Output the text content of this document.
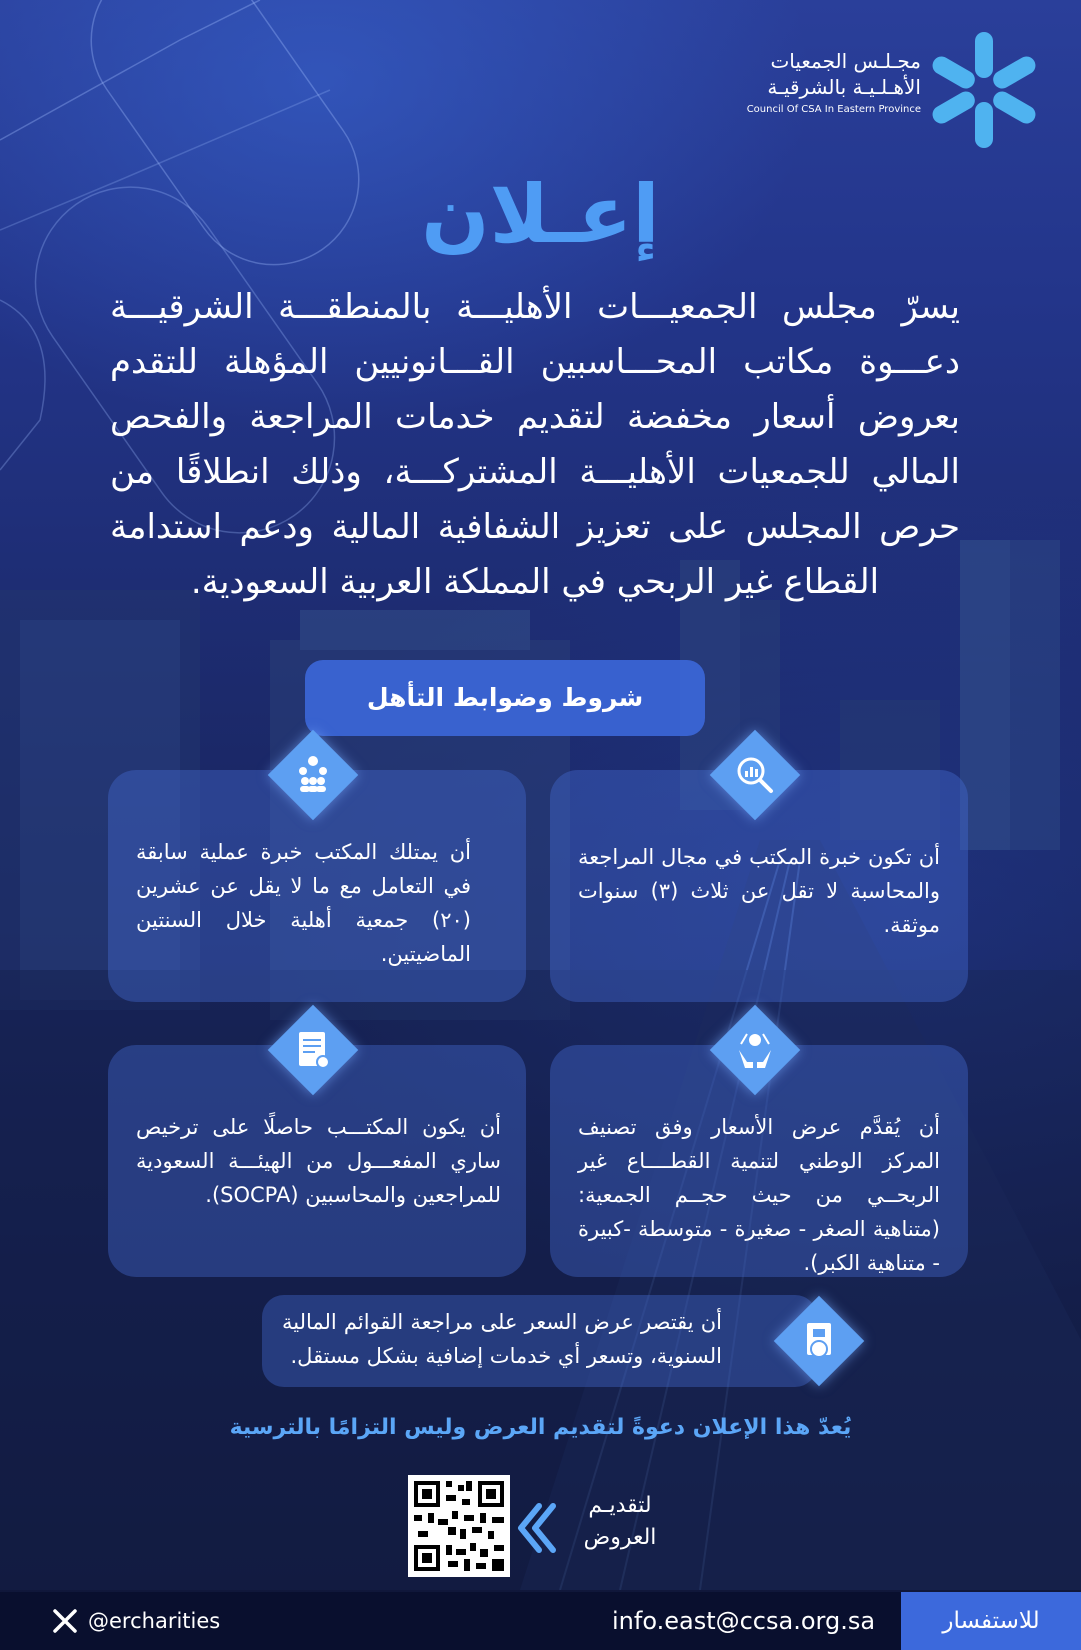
مجـلـس الجمعيات
الأهـلـيـة بالشرقيـة
Council Of CSA In Eastern Province
إعـلان
يسرّ مجلس الجمعيـــات الأهليـــة بالمنطقـــة الشرقيـــة دعـــوة مكاتب المحـــاسبين القـــانونيين المؤهلة للتقدم بعروض أسعار مخفضة لتقديم خدمات المراجعة والفحص المالي للجمعيات الأهليـــة المشتركـــة، وذلك انطلاقًا من حرص المجلس على تعزيز الشفافية المالية ودعم استدامة القطاع غير الربحي في المملكة العربية السعودية.
شروط وضوابط التأهل
أن تكون خبرة المكتب في مجال المراجعة والمحاسبة لا تقل عن ثلاث (٣) سنوات موثقة.
أن يمتلك المكتب خبرة عملية سابقة في التعامل مع ما لا يقل عن عشرين (٢٠) جمعية أهلية خلال السنتين الماضيتين.
أن يُقدَّم عرض الأسعار وفق تصنيف المركز الوطني لتنمية القطــــاع غير الربحــي من حيث حجــم الجمعية: (متناهية الصغر - صغيرة - متوسطة -كبيرة - متناهية الكبر).
أن يكون المكتـــب حاصلًا على ترخيص ساري المفعـــول من الهيئـــة السعودية للمراجعين والمحاسبين (SOCPA).
أن يقتصر عرض السعر على مراجعة القوائم المالية السنوية، وتسعر أي خدمات إضافية بشكل مستقل.
يُعدّ هذا الإعلان دعوةً لتقديم العرض وليس التزامًا بالترسية
لتقديـم
العروض
للاستفسار
info.east@ccsa.org.sa
@ercharities
